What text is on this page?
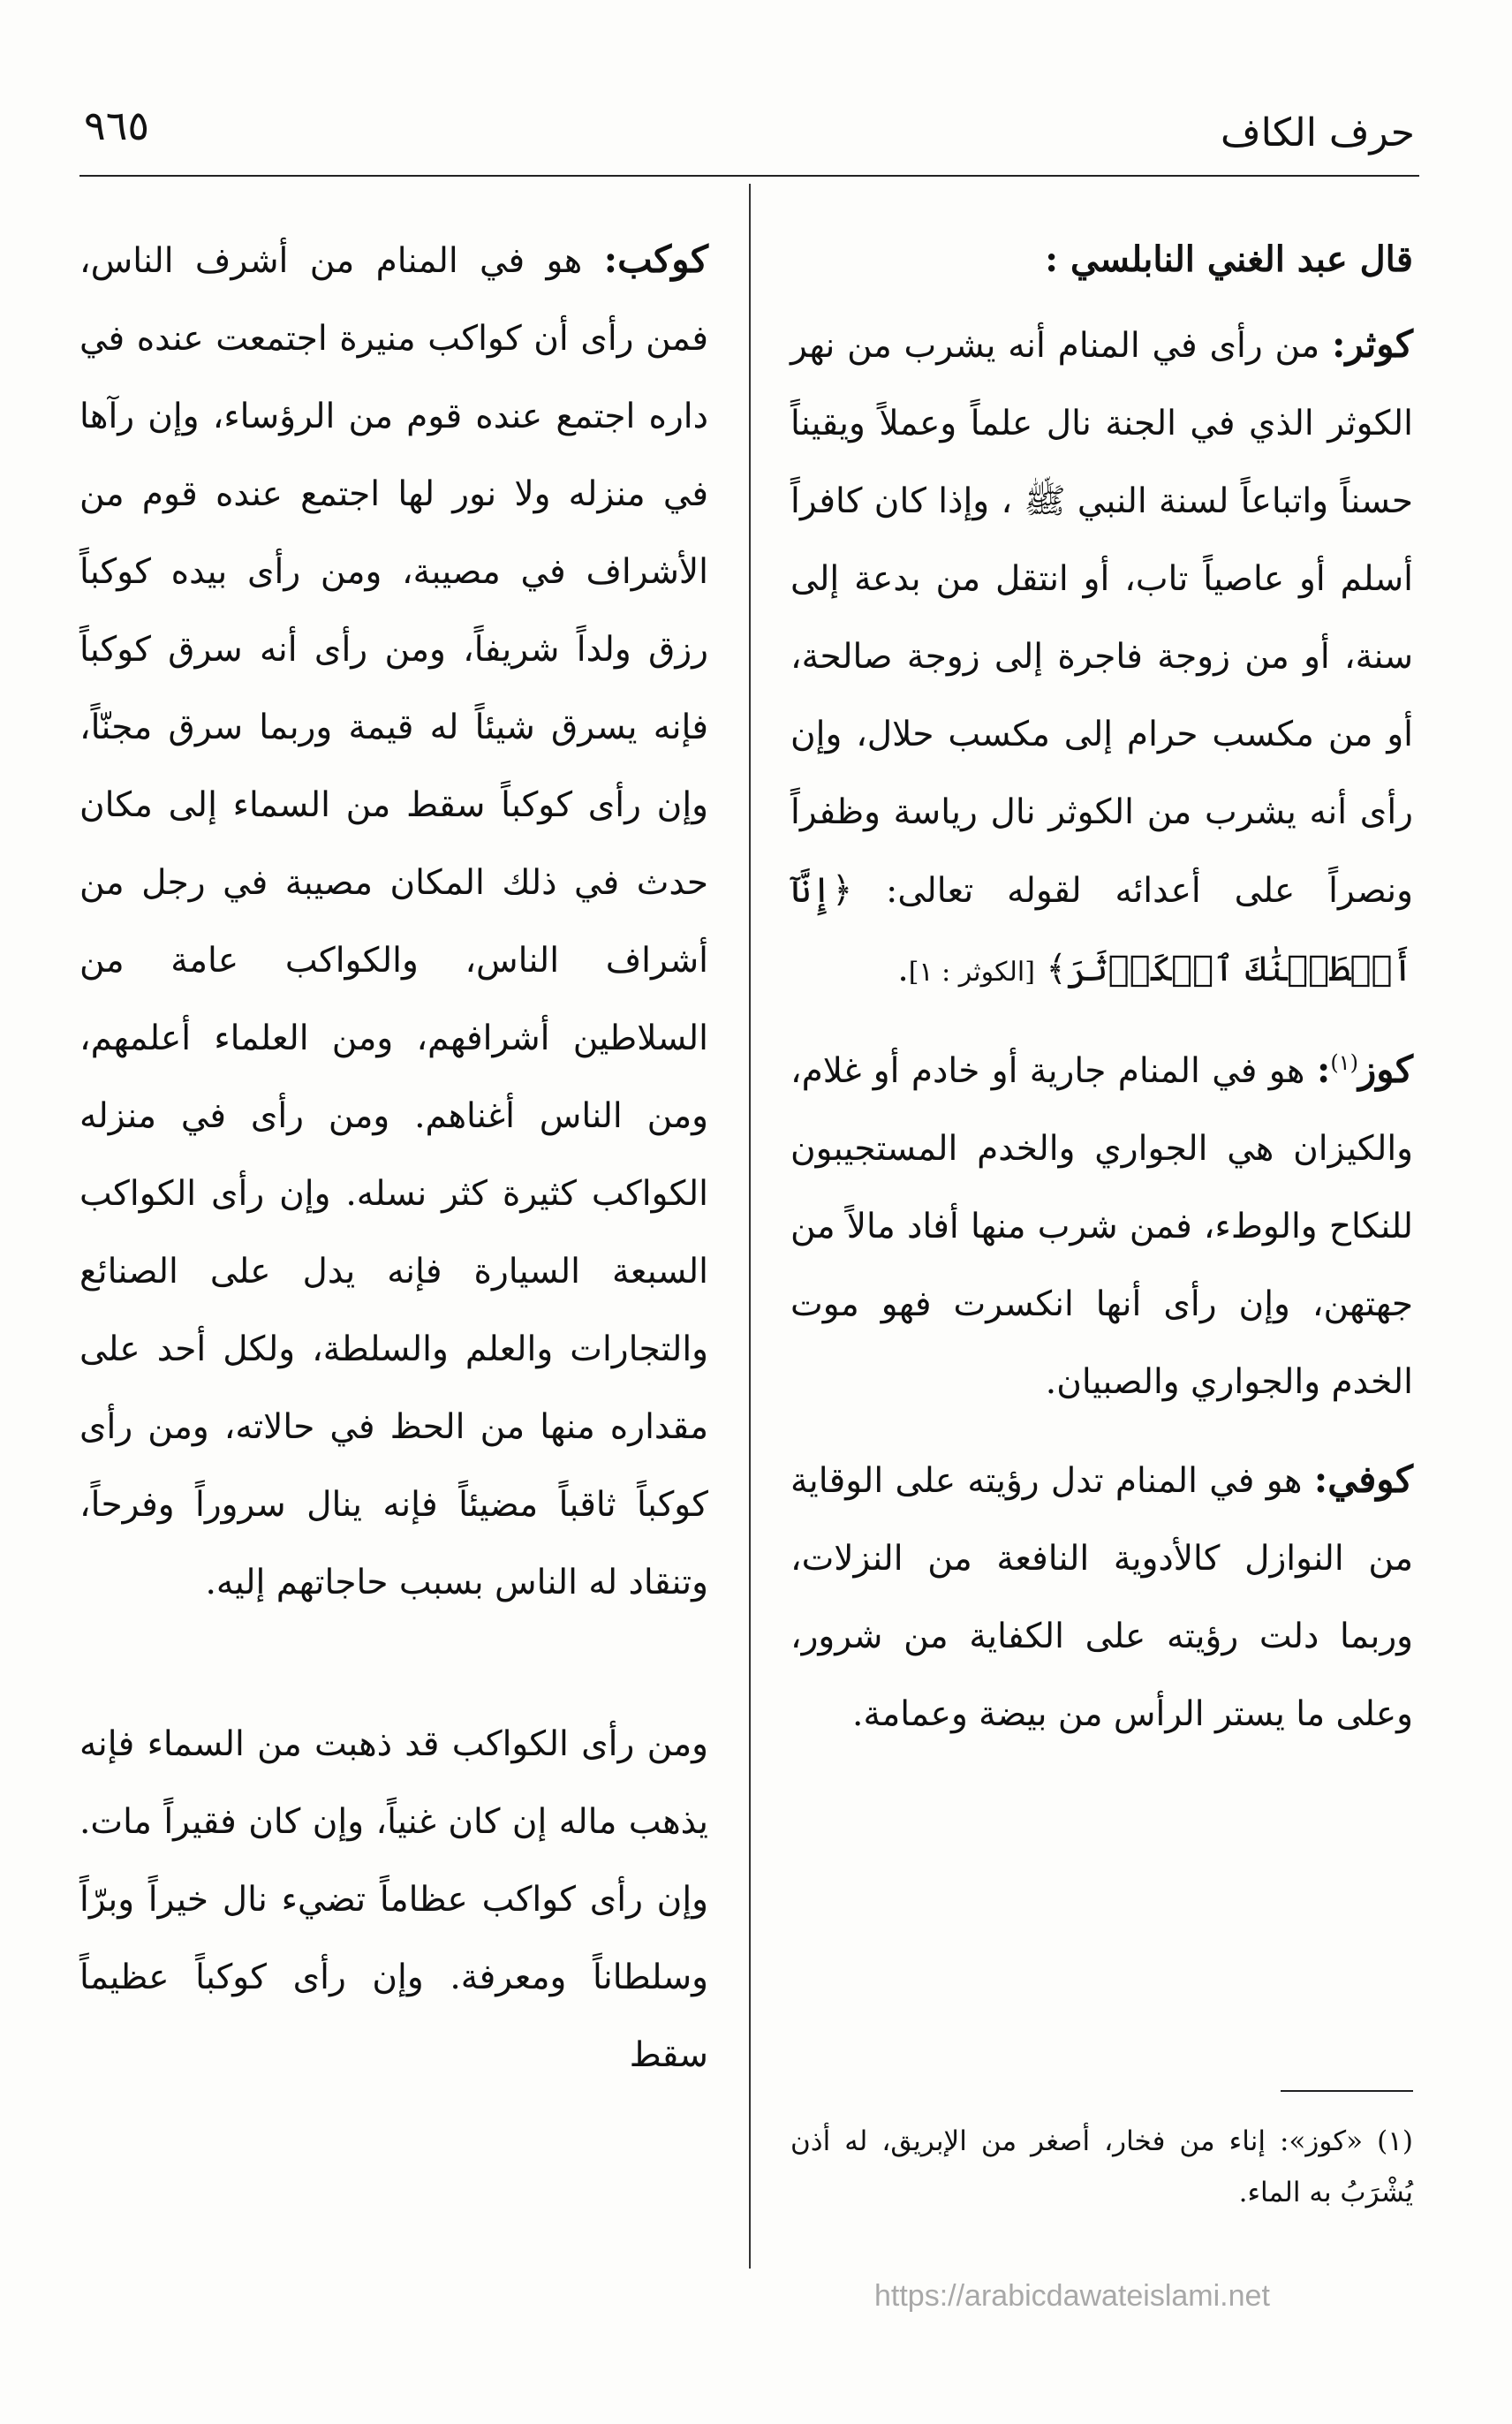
حرف الكاف
٩٦٥
قال عبد الغني النابلسي :
كوثر: من رأى في المنام أنه يشرب من نهر الكوثر الذي في الجنة نال علماً وعملاً ويقيناً حسناً واتباعاً لسنة النبي ﷺ ، وإذا كان كافراً أسلم أو عاصياً تاب، أو انتقل من بدعة إلى سنة، أو من زوجة فاجرة إلى زوجة صالحة، أو من مكسب حرام إلى مكسب حلال، وإن رأى أنه يشرب من الكوثر نال رياسة وظفراً ونصراً على أعدائه لقوله تعالى: ﴿إِنَّآ أَعۡطَيۡنَٰكَ ٱلۡكَوۡثَرَ﴾ [الكوثر : ١].
كوز$^{(١)}$: هو في المنام جارية أو خادم أو غلام، والكيزان هي الجواري والخدم المستجيبون للنكاح والوطء، فمن شرب منها أفاد مالاً من جهتهن، وإن رأى أنها انكسرت فهو موت الخدم والجواري والصبيان.
كوفي: هو في المنام تدل رؤيته على الوقاية من النوازل كالأدوية النافعة من النزلات، وربما دلت رؤيته على الكفاية من شرور، وعلى ما يستر الرأس من بيضة وعمامة.
كوكب: هو في المنام من أشرف الناس، فمن رأى أن كواكب منيرة اجتمعت عنده في داره اجتمع عنده قوم من الرؤساء، وإن رآها في منزله ولا نور لها اجتمع عنده قوم من الأشراف في مصيبة، ومن رأى بيده كوكباً رزق ولداً شريفاً، ومن رأى أنه سرق كوكباً فإنه يسرق شيئاً له قيمة وربما سرق مجنّاً، وإن رأى كوكباً سقط من السماء إلى مكان حدث في ذلك المكان مصيبة في رجل من أشراف الناس، والكواكب عامة من السلاطين أشرافهم، ومن العلماء أعلمهم، ومن الناس أغناهم. ومن رأى في منزله الكواكب كثيرة كثر نسله. وإن رأى الكواكب السبعة السيارة فإنه يدل على الصنائع والتجارات والعلم والسلطة، ولكل أحد على مقداره منها من الحظ في حالاته، ومن رأى كوكباً ثاقباً مضيئاً فإنه ينال سروراً وفرحاً، وتنقاد له الناس بسبب حاجاتهم إليه.
ومن رأى الكواكب قد ذهبت من السماء فإنه يذهب ماله إن كان غنياً، وإن كان فقيراً مات. وإن رأى كواكب عظاماً تضيء نال خيراً وبرّاً وسلطاناً ومعرفة. وإن رأى كوكباً عظيماً سقط
(١) «كوز»: إناء من فخار، أصغر من الإبريق، له أذن يُشْرَبُ به الماء.
https://arabicdawateislami.net
